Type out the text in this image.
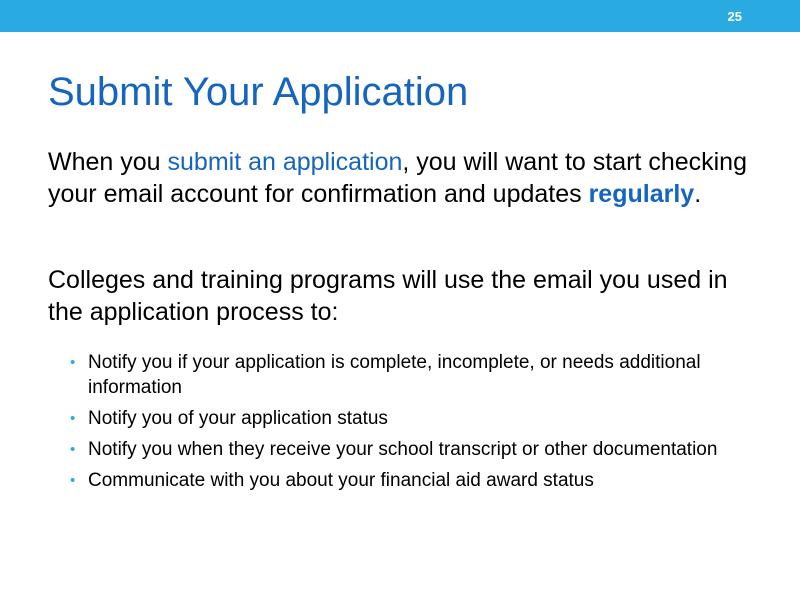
25
Submit Your Application

When you submit an application, you will want to start checking your email account for confirmation and updates regularly.

Colleges and training programs will use the email you used in the application process to:

• Notify you if your application is complete, incomplete, or needs additional information
• Notify you of your application status
• Notify you when they receive your school transcript or other documentation
• Communicate with you about your financial aid award status
